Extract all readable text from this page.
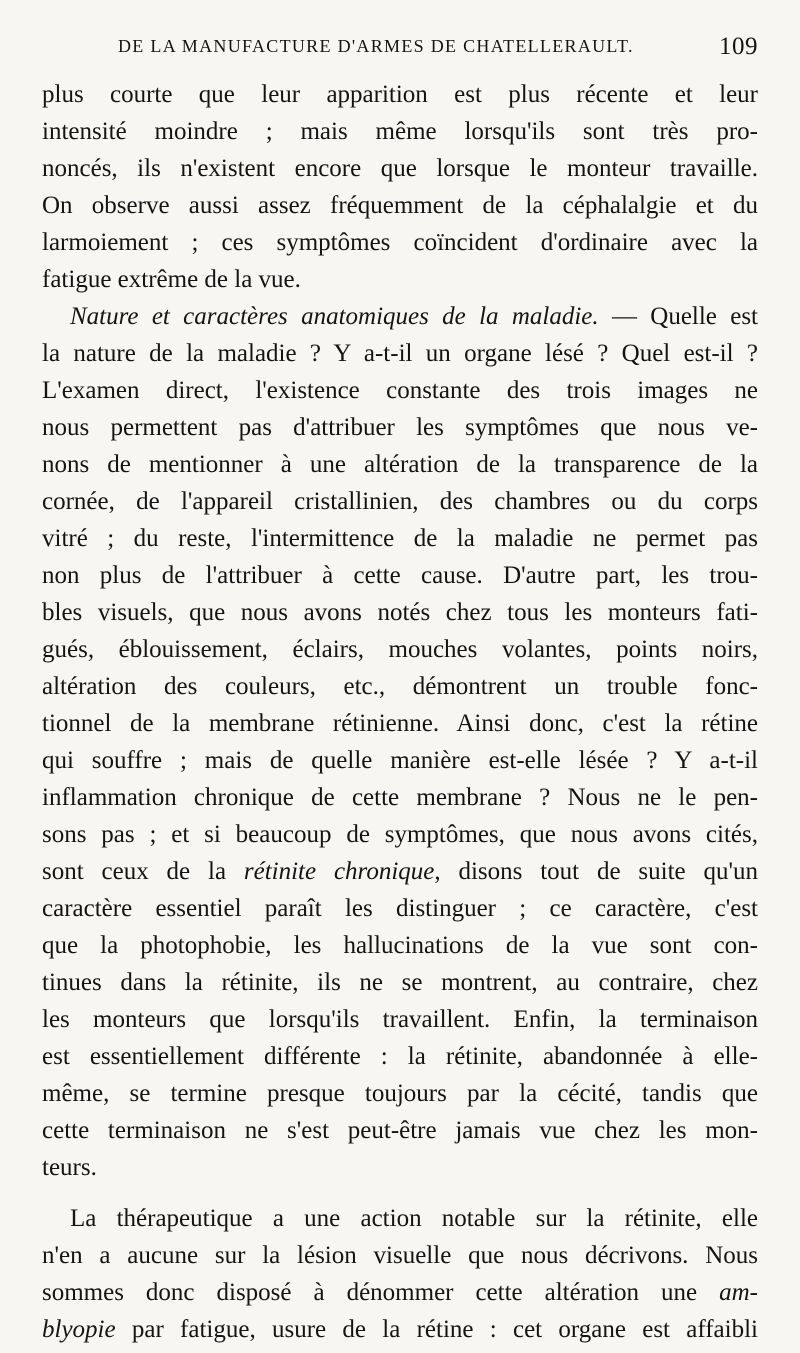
DE LA MANUFACTURE D'ARMES DE CHATELLERAULT.	109
plus courte que leur apparition est plus récente et leur
intensité moindre ; mais même lorsqu'ils sont très pro-
noncés, ils n'existent encore que lorsque le monteur travaille.
On observe aussi assez fréquemment de la céphalalgie et du
larmoiement ; ces symptômes coïncident d'ordinaire avec la
fatigue extrême de la vue.
Nature et caractères anatomiques de la maladie. — Quelle est
la nature de la maladie ? Y a-t-il un organe lésé ? Quel est-il ?
L'examen direct, l'existence constante des trois images ne
nous permettent pas d'attribuer les symptômes que nous ve-
nons de mentionner à une altération de la transparence de la
cornée, de l'appareil cristallinien, des chambres ou du corps
vitré ; du reste, l'intermittence de la maladie ne permet pas
non plus de l'attribuer à cette cause. D'autre part, les trou-
bles visuels, que nous avons notés chez tous les monteurs fati-
gués, éblouissement, éclairs, mouches volantes, points noirs,
altération des couleurs, etc., démontrent un trouble fonc-
tionnel de la membrane rétinienne. Ainsi donc, c'est la rétine
qui souffre ; mais de quelle manière est-elle lésée ? Y a-t-il
inflammation chronique de cette membrane ? Nous ne le pen-
sons pas ; et si beaucoup de symptômes, que nous avons cités,
sont ceux de la rétinite chronique, disons tout de suite qu'un
caractère essentiel paraît les distinguer ; ce caractère, c'est
que la photophobie, les hallucinations de la vue sont con-
tinues dans la rétinite, ils ne se montrent, au contraire, chez
les monteurs que lorsqu'ils travaillent. Enfin, la terminaison
est essentiellement différente : la rétinite, abandonnée à elle-
même, se termine presque toujours par la cécité, tandis que
cette terminaison ne s'est peut-être jamais vue chez les mon-
teurs.
La thérapeutique a une action notable sur la rétinite, elle
n'en a aucune sur la lésion visuelle que nous décrivons. Nous
sommes donc disposé à dénommer cette altération une am-
blyopie par fatigue, usure de la rétine : cet organe est affaibli
